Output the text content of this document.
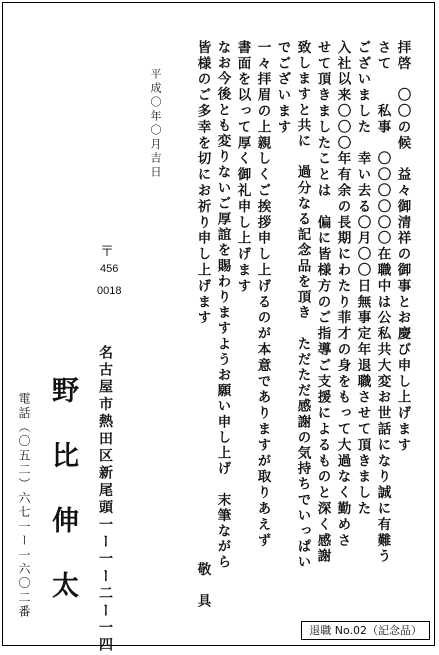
拝啓　〇〇の候　益々御清祥の御事とお慶び申し上げます
さて　　私事　〇〇〇〇〇〇在職中は公私共大変お世話になり誠に有難う
ございました　幸い去る〇月〇〇日無事定年退職させて頂きました
入社以来〇〇〇年有余の長期にわたり菲才の身をもって大過なく勤めさ
せて頂きましたことは　偏に皆様方のご指導ご支援によるものと深く感謝
致しますと共に　過分なる記念品を頂き　ただただ感謝の気持ちでいっぱい
でございます
一々拝眉の上親しくご挨拶申し上げるのが本意でありますが取りあえず
書面を以って厚く御礼申し上げます
なお今後とも変りないご厚誼を賜わりますようお願い申し上げ　末筆ながら
皆様のご多幸を切にお祈り申し上げます
敬　具
平成〇年〇月吉日
〒
456
0018
名古屋市熱田区新尾頭一ー一ー二ー一四
野
比
伸
太
電話（〇五二）六七一ー一六〇二番
退職 No.02（記念品）
